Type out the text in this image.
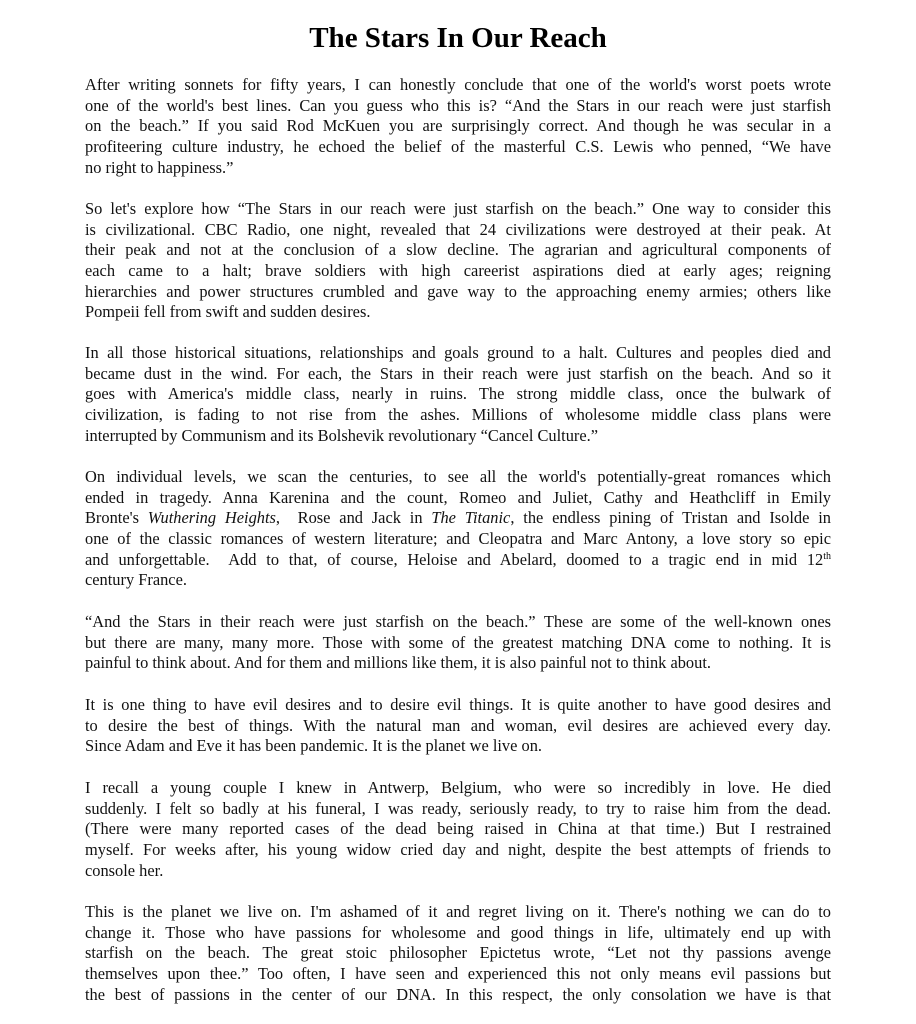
The Stars In Our Reach
After writing sonnets for fifty years, I can honestly conclude that one of the world's worst poets wrote
one of the world's best lines. Can you guess who this is? “And the Stars in our reach were just starfish
on the beach.” If you said Rod McKuen you are surprisingly correct. And though he was secular in a
profiteering culture industry, he echoed the belief of the masterful C.S. Lewis who penned, “We have
no right to happiness.”
So let's explore how “The Stars in our reach were just starfish on the beach.” One way to consider this
is civilizational. CBC Radio, one night, revealed that 24 civilizations were destroyed at their peak. At
their peak and not at the conclusion of a slow decline. The agrarian and agricultural components of
each came to a halt; brave soldiers with high careerist aspirations died at early ages; reigning
hierarchies and power structures crumbled and gave way to the approaching enemy armies; others like
Pompeii fell from swift and sudden desires.
In all those historical situations, relationships and goals ground to a halt. Cultures and peoples died and
became dust in the wind. For each, the Stars in their reach were just starfish on the beach. And so it
goes with America's middle class, nearly in ruins. The strong middle class, once the bulwark of
civilization, is fading to not rise from the ashes. Millions of wholesome middle class plans were
interrupted by Communism and its Bolshevik revolutionary “Cancel Culture.”
On individual levels, we scan the centuries, to see all the world's potentially-great romances which
ended in tragedy. Anna Karenina and the count, Romeo and Juliet, Cathy and Heathcliff in Emily
Bronte's Wuthering Heights,  Rose and Jack in The Titanic, the endless pining of Tristan and Isolde in
one of the classic romances of western literature; and Cleopatra and Marc Antony, a love story so epic
and unforgettable.  Add to that, of course, Heloise and Abelard, doomed to a tragic end in mid 12th
century France.
“And the Stars in their reach were just starfish on the beach.” These are some of the well-known ones
but there are many, many more. Those with some of the greatest matching DNA come to nothing. It is
painful to think about. And for them and millions like them, it is also painful not to think about.
It is one thing to have evil desires and to desire evil things. It is quite another to have good desires and
to desire the best of things. With the natural man and woman, evil desires are achieved every day.
Since Adam and Eve it has been pandemic. It is the planet we live on.
I recall a young couple I knew in Antwerp, Belgium, who were so incredibly in love. He died
suddenly. I felt so badly at his funeral, I was ready, seriously ready, to try to raise him from the dead.
(There were many reported cases of the dead being raised in China at that time.) But I restrained
myself. For weeks after, his young widow cried day and night, despite the best attempts of friends to
console her.
This is the planet we live on. I'm ashamed of it and regret living on it. There's nothing we can do to
change it. Those who have passions for wholesome and good things in life, ultimately end up with
starfish on the beach. The great stoic philosopher Epictetus wrote, “Let not thy passions avenge
themselves upon thee.” Too often, I have seen and experienced this not only means evil passions but
the best of passions in the center of our DNA. In this respect, the only consolation we have is that
